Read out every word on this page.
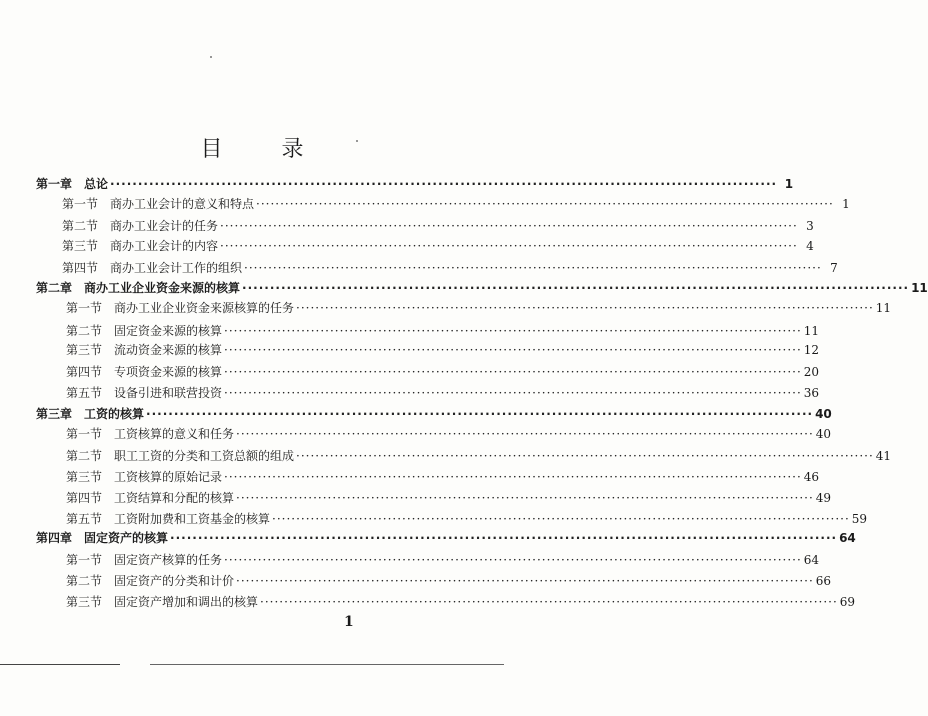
目 录
第一章 总论 ························································································································ 1
第一节 商办工业会计的意义和特点 ························································································································ 1
第二节 商办工业会计的任务 ························································································································ 3
第三节 商办工业会计的内容 ························································································································ 4
第四节 商办工业会计工作的组织 ························································································································ 7
第二章 商办工业企业资金来源的核算 ························································································································ 11
第一节 商办工业企业资金来源核算的任务 ························································································································ 11
第二节 固定资金来源的核算 ························································································································ 11
第三节 流动资金来源的核算 ························································································································ 12
第四节 专项资金来源的核算 ························································································································ 20
第五节 设备引进和联营投资 ························································································································ 36
第三章 工资的核算 ························································································································ 40
第一节 工资核算的意义和任务 ························································································································ 40
第二节 职工工资的分类和工资总额的组成 ························································································································ 41
第三节 工资核算的原始记录 ························································································································ 46
第四节 工资结算和分配的核算 ························································································································ 49
第五节 工资附加费和工资基金的核算 ························································································································ 59
第四章 固定资产的核算 ························································································································ 64
第一节 固定资产核算的任务 ························································································································ 64
第二节 固定资产的分类和计价 ························································································································ 66
第三节 固定资产增加和调出的核算 ························································································································ 69
1
